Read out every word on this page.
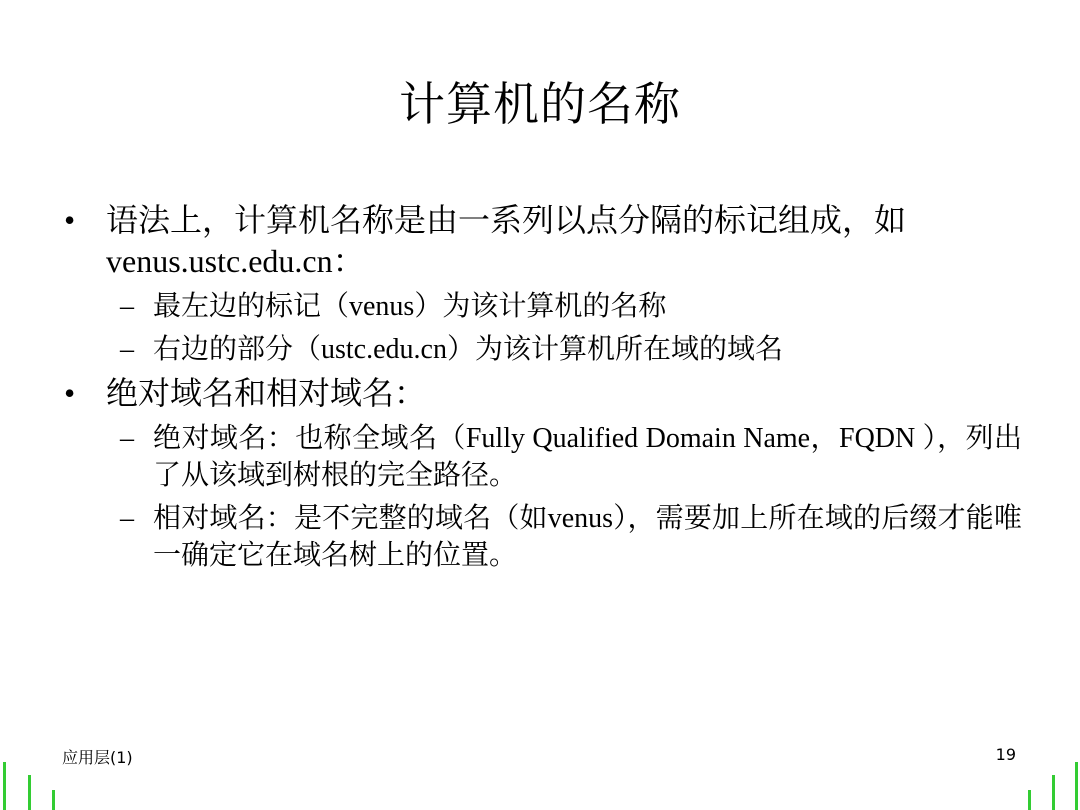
计算机的名称
• 语法上，计算机名称是由一系列以点分隔的标记组成，如venus.ustc.edu.cn：
– 最左边的标记（venus）为该计算机的名称
– 右边的部分（ustc.edu.cn）为该计算机所在域的域名
• 绝对域名和相对域名：
– 绝对域名：也称全域名（Fully Qualified Domain Name，FQDN ），列出了从该域到树根的完全路径。
– 相对域名：是不完整的域名（如venus），需要加上所在域的后缀才能唯一确定它在域名树上的位置。
应用层(1)	19
